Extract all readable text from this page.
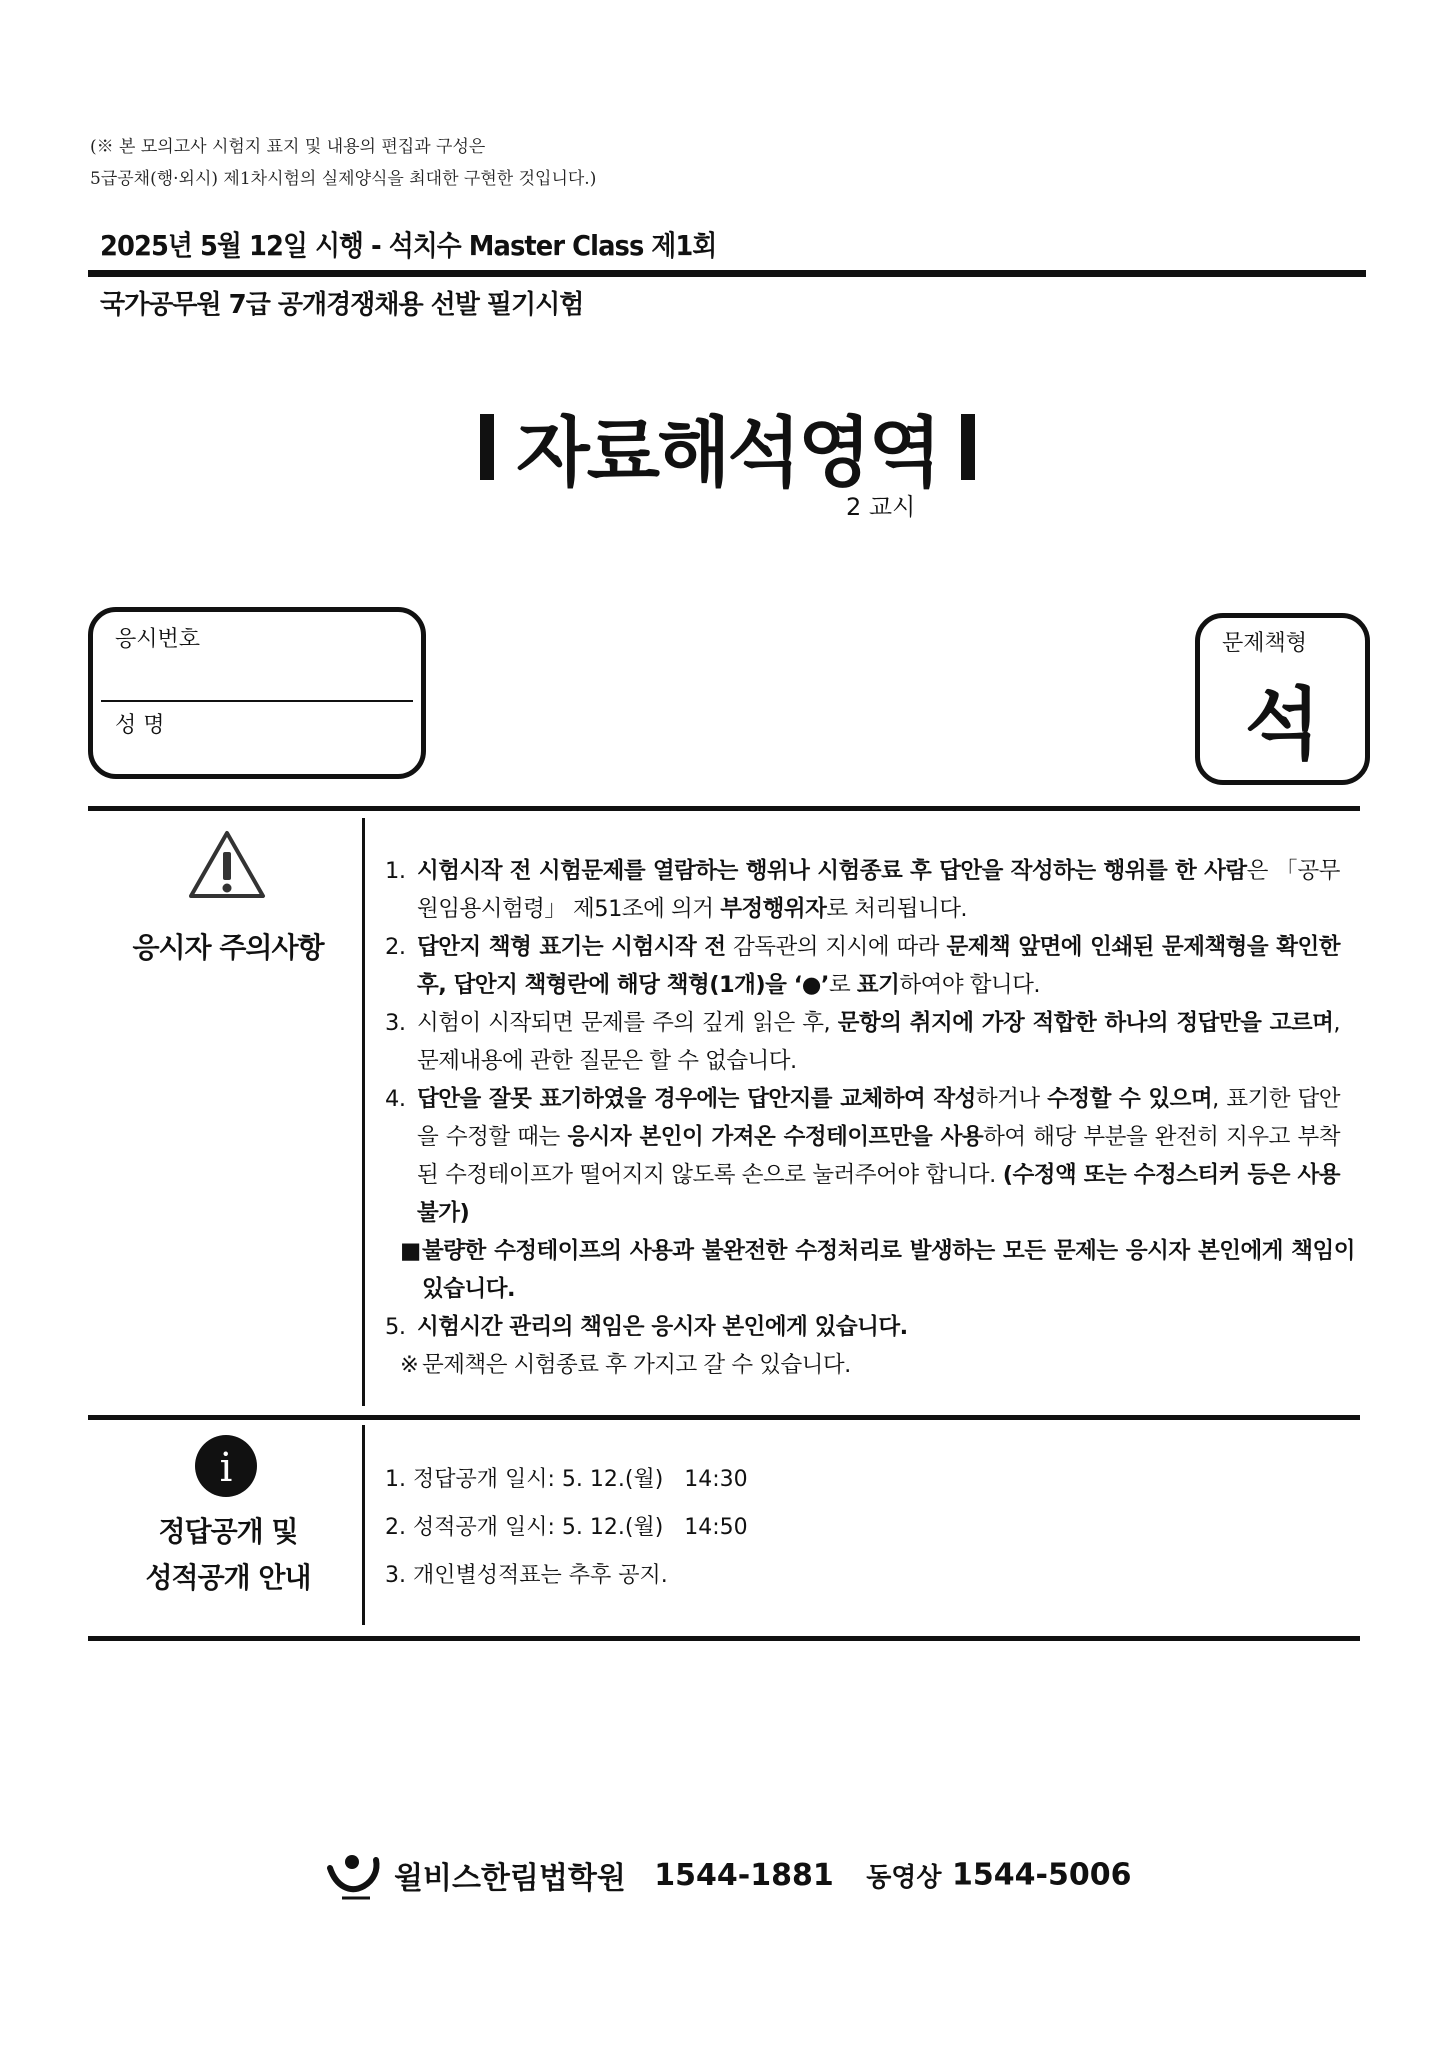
(※ 본 모의고사 시험지 표지 및 내용의 편집과 구성은
5급공채(행·외시) 제1차시험의 실제양식을 최대한 구현한 것입니다.)
2025년 5월 12일 시행 - 석치수 Master Class 제1회
국가공무원 7급 공개경쟁채용 선발 필기시험
자료해석영역
2 교시
응시번호
성 명
문제책형
석
응시자 주의사항
1. 시험시작 전 시험문제를 열람하는 행위나 시험종료 후 답안을 작성하는 행위를 한 사람은 「공무원임용시험령」 제51조에 의거 부정행위자로 처리됩니다.
2. 답안지 책형 표기는 시험시작 전 감독관의 지시에 따라 문제책 앞면에 인쇄된 문제책형을 확인한 후, 답안지 책형란에 해당 책형(1개)을 ‘●’로 표기하여야 합니다.
3. 시험이 시작되면 문제를 주의 깊게 읽은 후, 문항의 취지에 가장 적합한 하나의 정답만을 고르며, 문제내용에 관한 질문은 할 수 없습니다.
4. 답안을 잘못 표기하였을 경우에는 답안지를 교체하여 작성하거나 수정할 수 있으며, 표기한 답안을 수정할 때는 응시자 본인이 가져온 수정테이프만을 사용하여 해당 부분을 완전히 지우고 부착된 수정테이프가 떨어지지 않도록 손으로 눌러주어야 합니다. (수정액 또는 수정스티커 등은 사용 불가)
■ 불량한 수정테이프의 사용과 불완전한 수정처리로 발생하는 모든 문제는 응시자 본인에게 책임이 있습니다.
5. 시험시간 관리의 책임은 응시자 본인에게 있습니다.
※ 문제책은 시험종료 후 가지고 갈 수 있습니다.
i
정답공개 및
성적공개 안내
1. 정답공개 일시: 5. 12.(월)   14:30
2. 성적공개 일시: 5. 12.(월)   14:50
3. 개인별성적표는 추후 공지.
윌비스한림법학원 1544-1881 동영상 1544-5006
